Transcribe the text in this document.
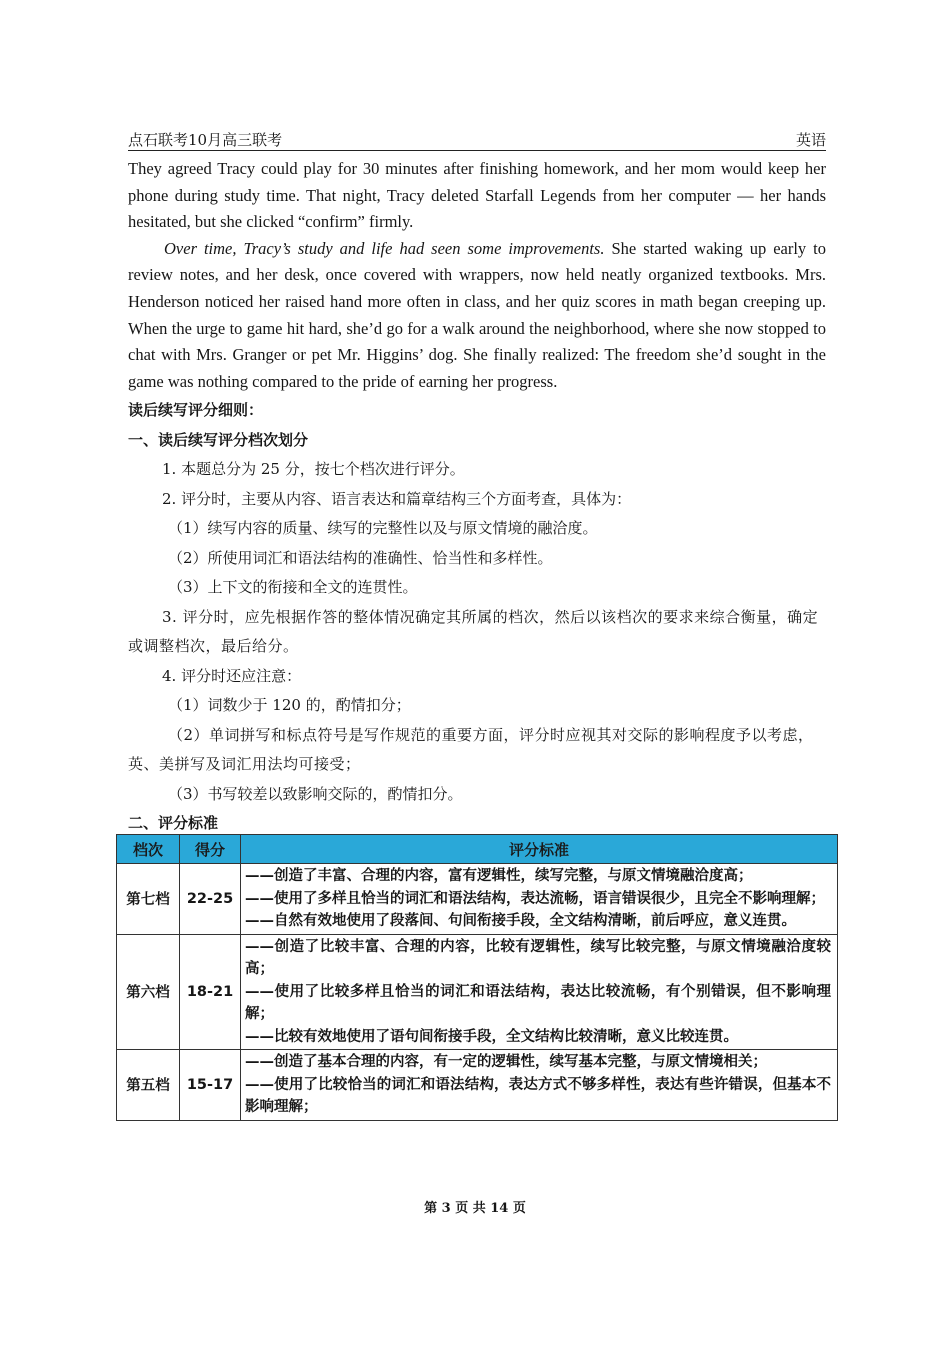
点石联考10月高三联考	英语

They agreed Tracy could play for 30 minutes after finishing homework, and her mom would keep her phone during study time. That night, Tracy deleted Starfall Legends from her computer — her hands hesitated, but she clicked “confirm” firmly.

Over time, Tracy’s study and life had seen some improvements. She started waking up early to review notes, and her desk, once covered with wrappers, now held neatly organized textbooks. Mrs. Henderson noticed her raised hand more often in class, and her quiz scores in math began creeping up. When the urge to game hit hard, she’d go for a walk around the neighborhood, where she now stopped to chat with Mrs. Granger or pet Mr. Higgins’ dog. She finally realized: The freedom she’d sought in the game was nothing compared to the pride of earning her progress.

读后续写评分细则：

一、读后续写评分档次划分

1. 本题总分为 25 分，按七个档次进行评分。

2. 评分时，主要从内容、语言表达和篇章结构三个方面考查，具体为：

（1）续写内容的质量、续写的完整性以及与原文情境的融洽度。

（2）所使用词汇和语法结构的准确性、恰当性和多样性。

（3）上下文的衔接和全文的连贯性。

3. 评分时，应先根据作答的整体情况确定其所属的档次，然后以该档次的要求来综合衡量，确定或调整档次，最后给分。

4. 评分时还应注意：

（1）词数少于 120 的，酌情扣分；

（2）单词拼写和标点符号是写作规范的重要方面，评分时应视其对交际的影响程度予以考虑，英、美拼写及词汇用法均可接受；

（3）书写较差以致影响交际的，酌情扣分。

二、评分标准

档次	得分	评分标准
第七档	22-25	——创造了丰富、合理的内容，富有逻辑性，续写完整，与原文情境融洽度高；
——使用了多样且恰当的词汇和语法结构，表达流畅，语言错误很少，且完全不影响理解；
——自然有效地使用了段落间、句间衔接手段，全文结构清晰，前后呼应，意义连贯。

第六档	18-21	——创造了比较丰富、合理的内容，比较有逻辑性，续写比较完整，与原文情境融洽度较高；
——使用了比较多样且恰当的词汇和语法结构，表达比较流畅，有个别错误，但不影响理解；
——比较有效地使用了语句间衔接手段，全文结构比较清晰，意义比较连贯。

第五档	15-17	——创造了基本合理的内容，有一定的逻辑性，续写基本完整，与原文情境相关；
——使用了比较恰当的词汇和语法结构，表达方式不够多样性，表达有些许错误，但基本不影响理解；
第 3 页 共 14 页
